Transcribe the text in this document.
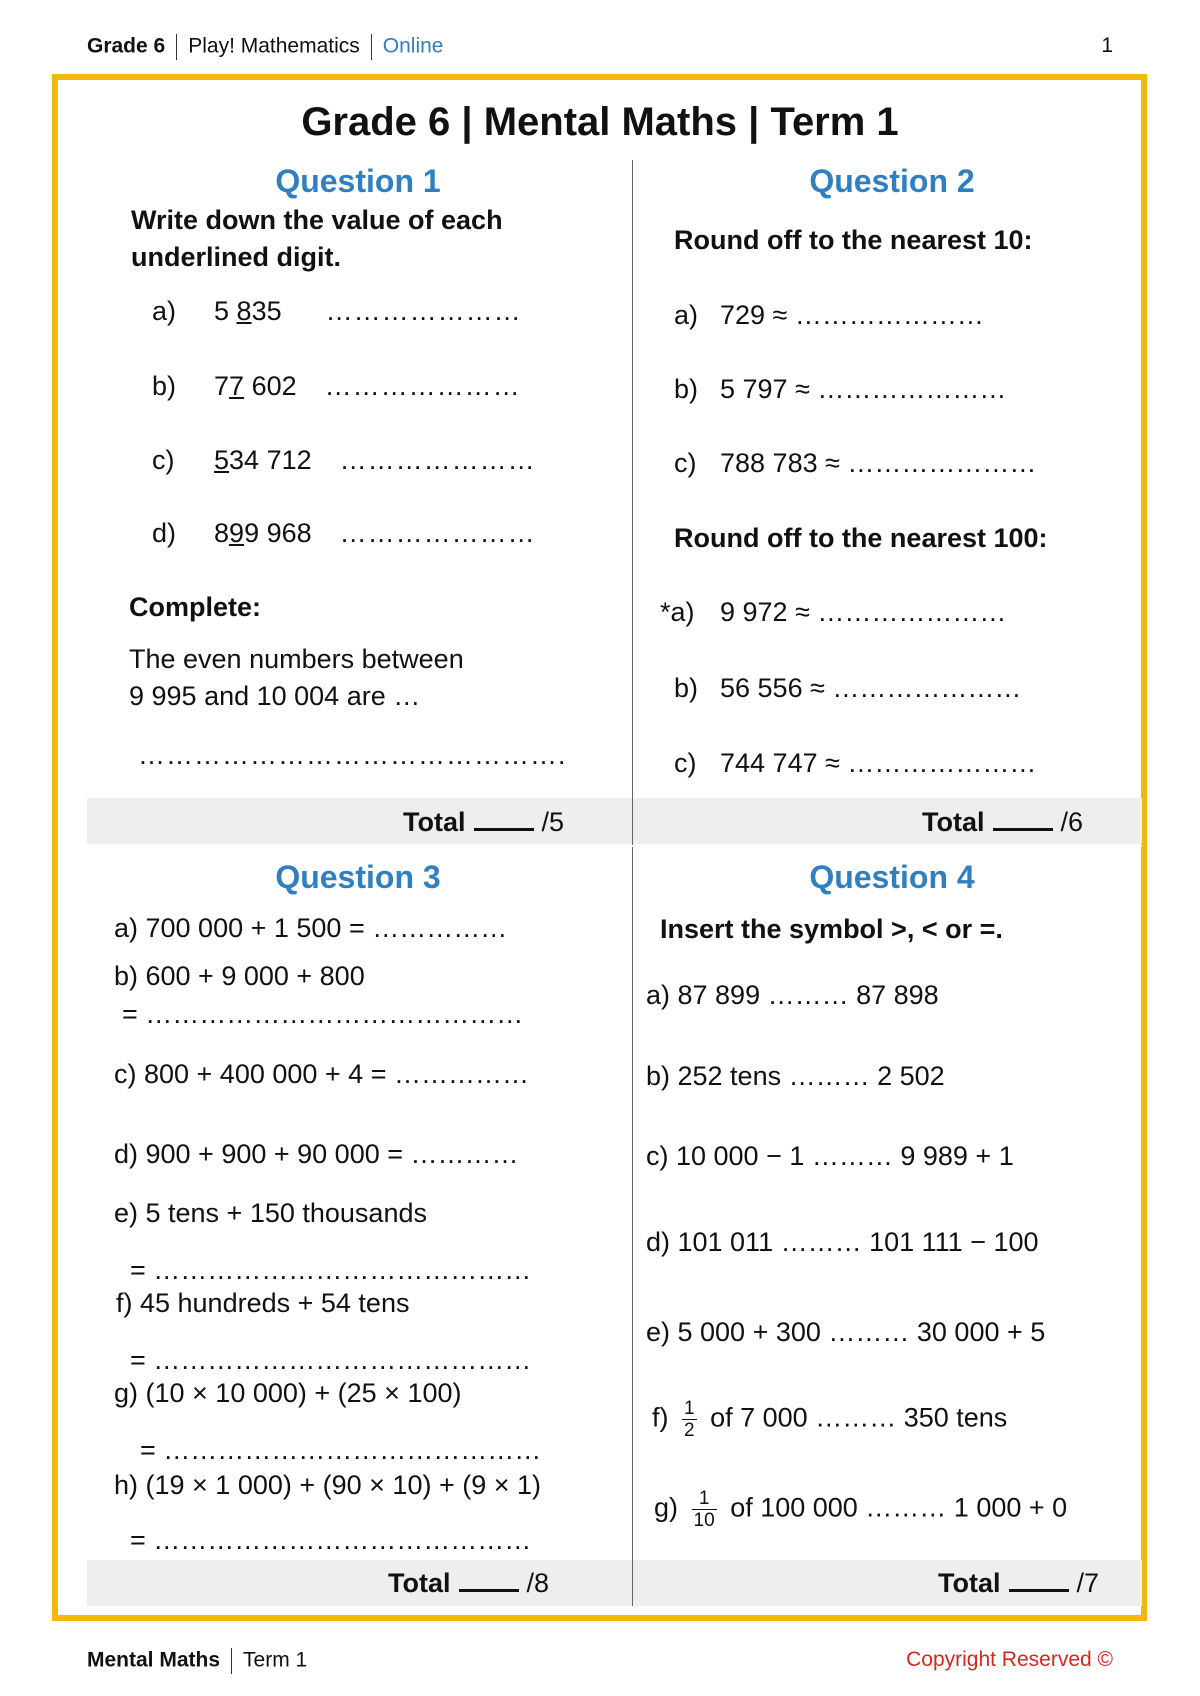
Grade 6 Play! Mathematics Online	1
Grade 6 | Mental Maths | Term 1
Question 1
Write down the value of each underlined digit.
a) 5 835 …………………
b) 77 602 …………………
c) 534 712 …………………
d) 899 968 …………………
Complete:
The even numbers between
9 995 and 10 004 are …
……………………………………….
Total	/5
Question 2
Round off to the nearest 10:
a) 729 ≈ …………………
b) 5 797 ≈ …………………
c) 788 783 ≈ …………………
Round off to the nearest 100:
*a) 9 972 ≈ …………………
b) 56 556 ≈ …………………
c) 744 747 ≈ …………………
Total	/6
Question 3
a) 700 000 + 1 500 = ……………
b) 600 + 9 000 + 800
= ……………………………………
c) 800 + 400 000 + 4 = ……………
d) 900 + 900 + 90 000 = …………
e) 5 tens + 150 thousands
= ……………………………………
f) 45 hundreds + 54 tens
= ……………………………………
g) (10 × 10 000) + (25 × 100)
= ……………………………………
h) (19 × 1 000) + (90 × 10) + (9 × 1)
= ……………………………………
Total	/8
Question 4
Insert the symbol >, < or =.
a) 87 899 ……… 87 898
b) 252 tens ……… 2 502
c) 10 000 − 1 ……… 9 989 + 1
d) 101 011 ……… 101 111 − 100
e) 5 000 + 300 ……… 30 000 + 5
$f) \frac{1}{2}$ of 7 000 ……… 350 tens
$g) \frac{1}{10}$ of 100 000 ……… 1 000 + 0
Total	/7
Mental Maths Term 1	Copyright Reserved ©
